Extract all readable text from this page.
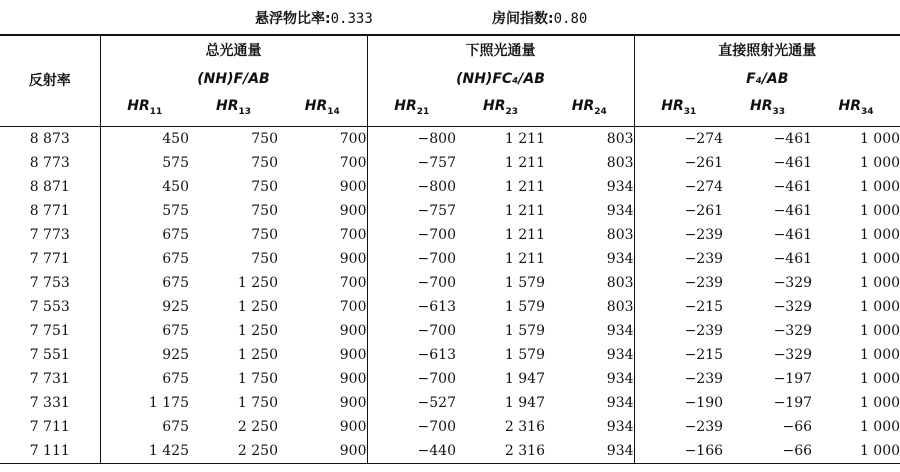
悬浮物比率:0.333	房间指数:0.80
反射率	总光通量			下照光通量			直接照射光通量		
	(NH)F/AB			(NH)FC₄/AB			F₄/AB		
	$HR_{11}$	$HR_{13}$	$HR_{14}$	$HR_{21}$	$HR_{23}$	$HR_{24}$	$HR_{31}$	$HR_{33}$	$HR_{34}$
8 873	450	750	700	−800	1 211	803	−274	−461	1 000
8 773	575	750	700	−757	1 211	803	−261	−461	1 000
8 871	450	750	900	−800	1 211	934	−274	−461	1 000
8 771	575	750	900	−757	1 211	934	−261	−461	1 000
7 773	675	750	700	−700	1 211	803	−239	−461	1 000
7 771	675	750	900	−700	1 211	934	−239	−461	1 000
7 753	675	1 250	700	−700	1 579	803	−239	−329	1 000
7 553	925	1 250	700	−613	1 579	803	−215	−329	1 000
7 751	675	1 250	900	−700	1 579	934	−239	−329	1 000
7 551	925	1 250	900	−613	1 579	934	−215	−329	1 000
7 731	675	1 750	900	−700	1 947	934	−239	−197	1 000
7 331	1 175	1 750	900	−527	1 947	934	−190	−197	1 000
7 711	675	2 250	900	−700	2 316	934	−239	−66	1 000
7 111	1 425	2 250	900	−440	2 316	934	−166	−66	1 000
